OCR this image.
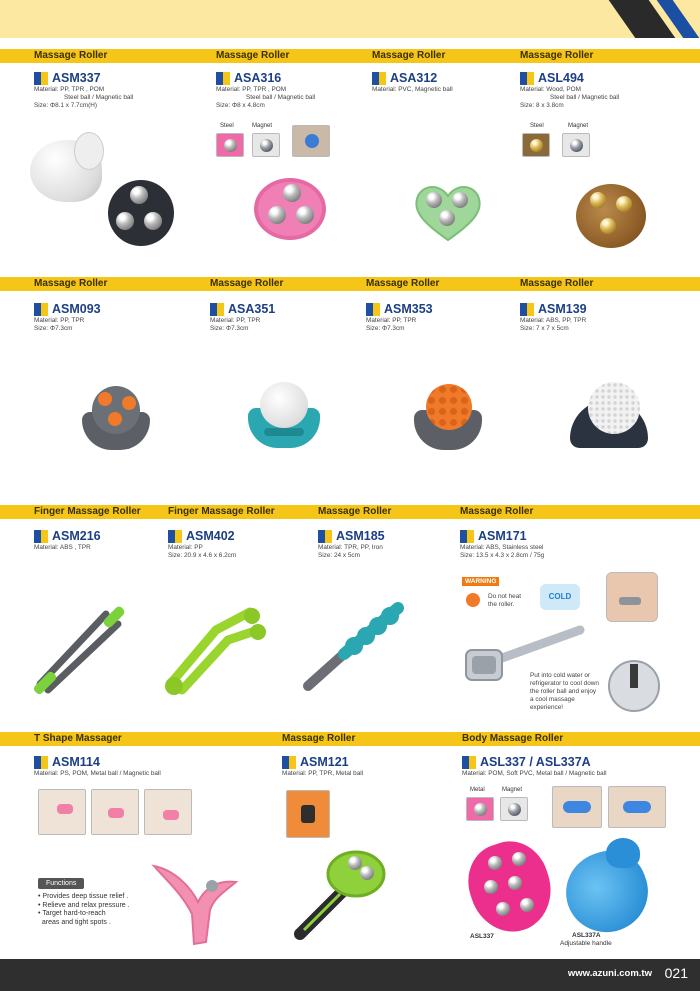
Massage Roller	Massage Roller	Massage Roller	Massage Roller
ASM337
Material: PP, TPR , POM
Steel ball / Magnetic ball
Size: Φ8.1 x 7.7cm(H)
ASA316
Material: PP, TPR , POM
Steel ball / Magnetic ball
Size: Φ8 x 4.8cm
Steel	Magnet
ASA312
Material: PVC, Magnetic ball
ASL494
Material: Wood, POM
Steel ball / Magnetic ball
Size: 8 x 3.8cm
Steel	Magnet
Massage Roller	Massage Roller	Massage Roller	Massage Roller
ASM093
Material: PP, TPR
Size: Φ7.3cm
ASA351
Material: PP, TPR
Size: Φ7.3cm
ASM353
Material: PP, TPR
Size: Φ7.3cm
ASM139
Material: ABS, PP, TPR
Size: 7 x 7 x 5cm
Finger Massage Roller	Finger Massage Roller	Massage Roller	Massage Roller
ASM216
Material: ABS , TPR
ASM402
Material: PP
Size: 20.9 x 4.6 x 6.2cm
ASM185
Material: TPR, PP, Iron
Size: 24 x 5cm
ASM171
Material: ABS, Stainless steel
Size: 13.5 x 4.3 x 2.8cm / 75g
WARNING
Do not heat
the roller.
COLD
Put into cold water or
refrigerator to cool down
the roller ball and enjoy
a cool massage
experience!
T Shape Massager	Massage Roller	Body Massage Roller
ASM114
Material: PS, POM, Metal ball / Magnetic ball
Functions
• Provides deep tissue relief .
• Relieve and relax pressure .
• Target hard-to-reach
areas and tight spots .
ASM121
Material: PP, TPR, Metal ball
ASL337 / ASL337A
Material: POM, Soft PVC, Metal ball / Magnetic ball
Metal	Magnet
ASL337	ASL337A
Adjustable handle
www.azuni.com.tw 021
